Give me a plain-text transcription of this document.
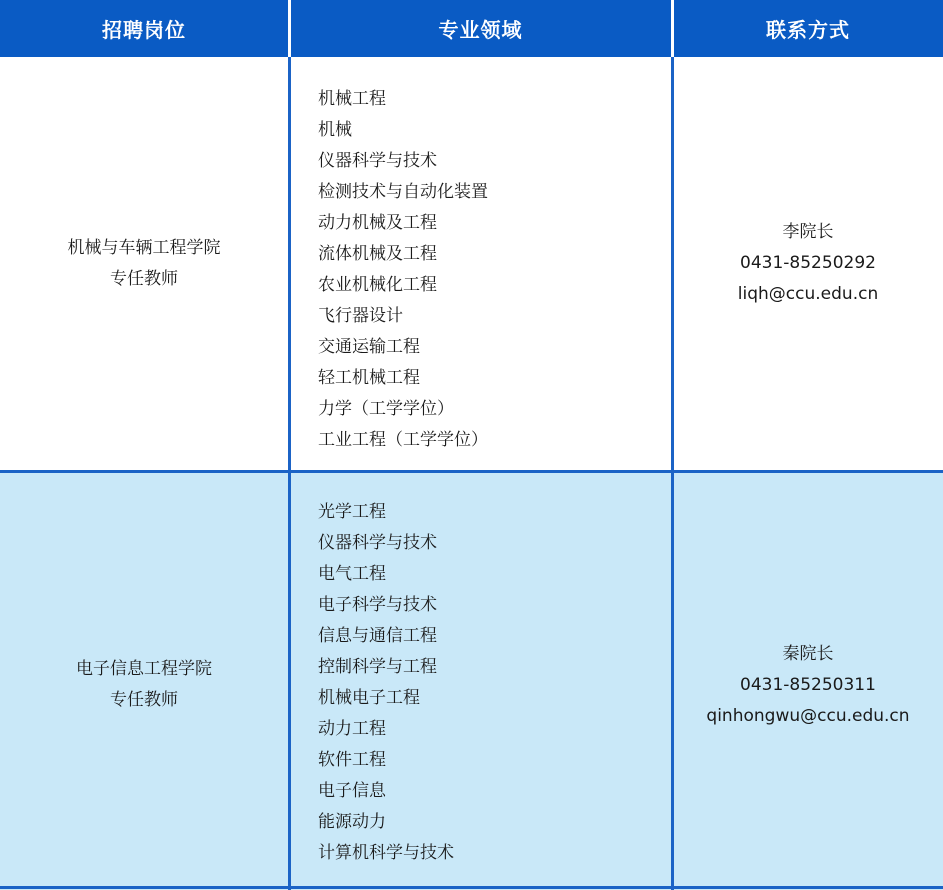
招聘岗位	专业领域	联系方式
机械与车辆工程学院
专任教师
机械工程
机械
仪器科学与技术
检测技术与自动化装置
动力机械及工程
流体机械及工程
农业机械化工程
飞行器设计
交通运输工程
轻工机械工程
力学（工学学位）
工业工程（工学学位）
李院长
0431-85250292
liqh@ccu.edu.cn
电子信息工程学院
专任教师
光学工程
仪器科学与技术
电气工程
电子科学与技术
信息与通信工程
控制科学与工程
机械电子工程
动力工程
软件工程
电子信息
能源动力
计算机科学与技术
秦院长
0431-85250311
qinhongwu@ccu.edu.cn
